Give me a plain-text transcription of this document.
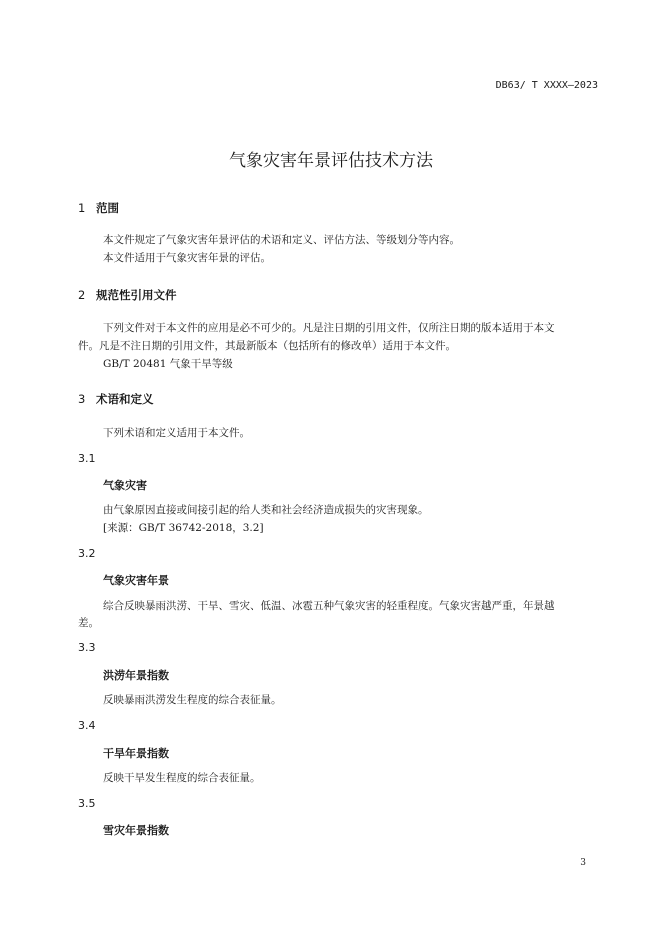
DB63/ T XXXX—2023
气象灾害年景评估技术方法
1 范围
本文件规定了气象灾害年景评估的术语和定义、评估方法、等级划分等内容。
本文件适用于气象灾害年景的评估。
2 规范性引用文件
下列文件对于本文件的应用是必不可少的。凡是注日期的引用文件，仅所注日期的版本适用于本文
件。凡是不注日期的引用文件，其最新版本（包括所有的修改单）适用于本文件。
GB/T 20481 气象干旱等级
3 术语和定义
下列术语和定义适用于本文件。
3.1
气象灾害
由气象原因直接或间接引起的给人类和社会经济造成损失的灾害现象。
[来源：GB/T 36742-2018，3.2]
3.2
气象灾害年景
综合反映暴雨洪涝、干旱、雪灾、低温、冰雹五种气象灾害的轻重程度。气象灾害越严重，年景越
差。
3.3
洪涝年景指数
反映暴雨洪涝发生程度的综合表征量。
3.4
干旱年景指数
反映干旱发生程度的综合表征量。
3.5
雪灾年景指数
3
